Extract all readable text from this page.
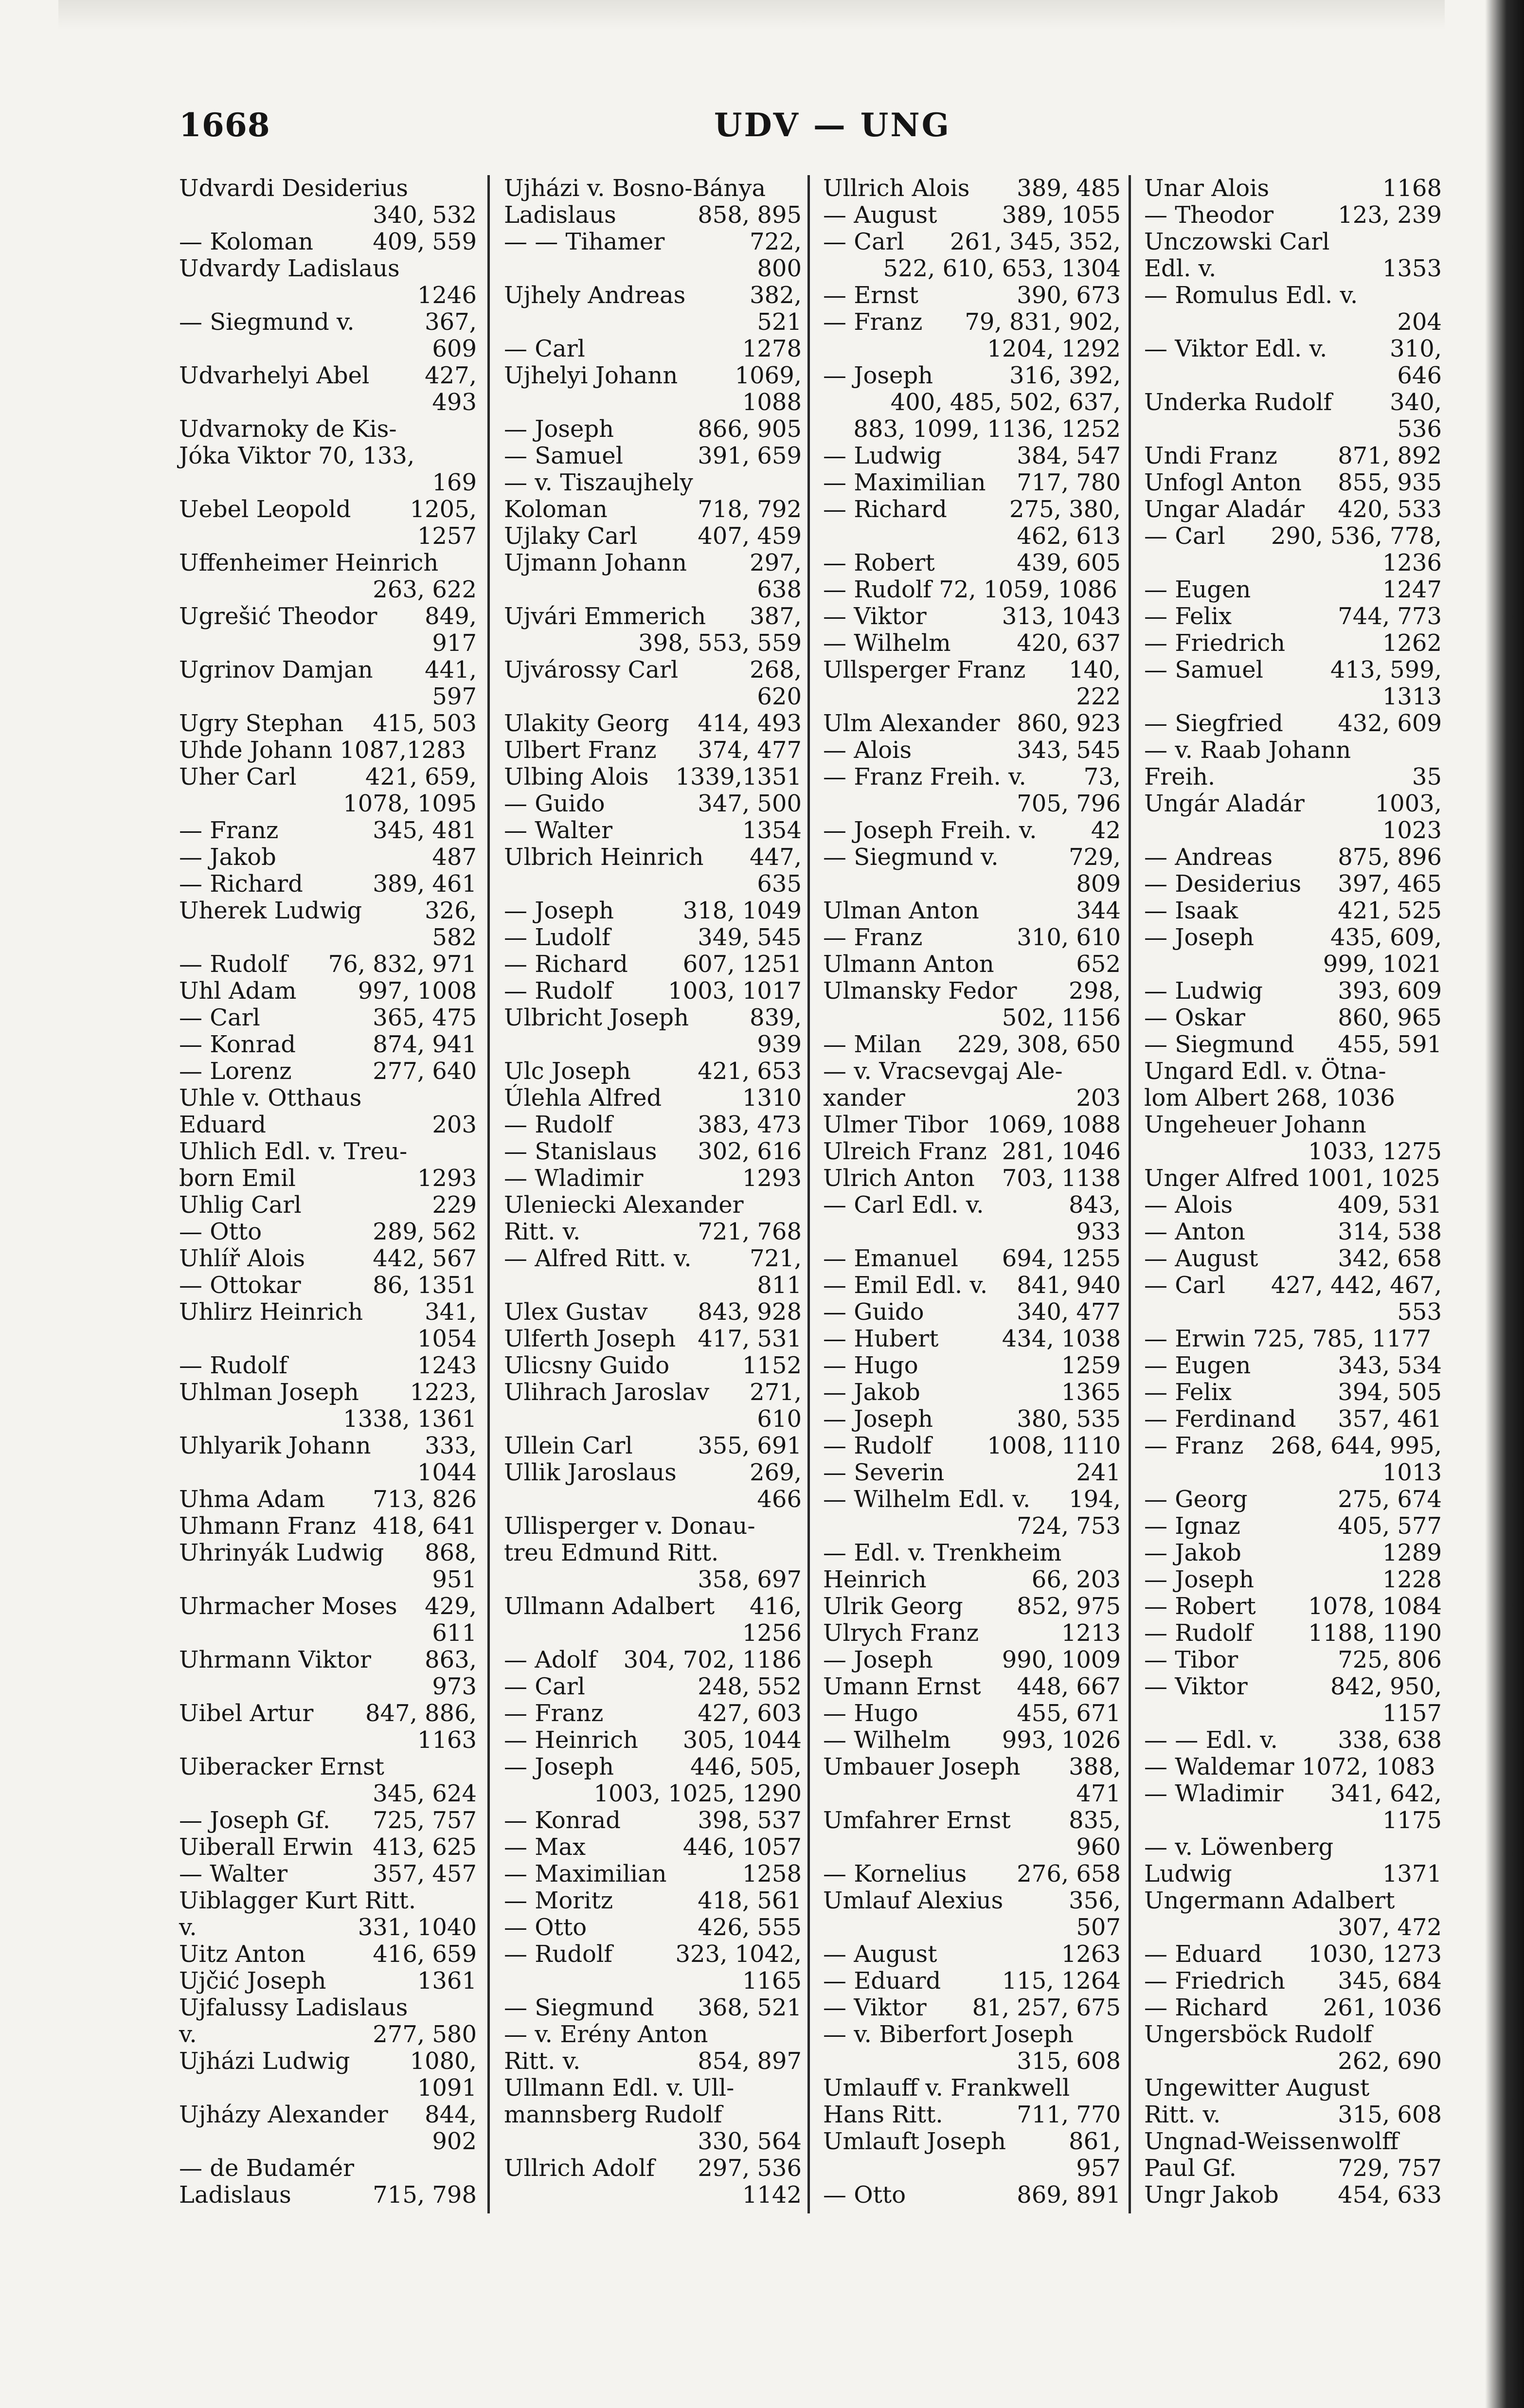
1668	UDV — UNG
Udvardi Desiderius
340, 532
— Koloman	409, 559
Udvardy Ladislaus
1246
— Siegmund v.	367,
609
Udvarhelyi Abel 427,
493
Udvarnoky de Kis-
Jóka Viktor 70, 133,
169
Uebel Leopold	1205,
1257
Uffenheimer Heinrich
263, 622
Ugrešić Theodor 849,
917
Ugrinov Damjan 441,
597
Ugry Stephan 415, 503
Uhde Johann 1087,1283
Uher Carl	421, 659,
1078, 1095
— Franz	345, 481
— Jakob	487
— Richard	389, 461
Uherek Ludwig	326,
582
— Rudolf 76, 832, 971
Uhl Adam	997, 1008
— Carl	365, 475
— Konrad	874, 941
— Lorenz	277, 640
Uhle v. Otthaus
Eduard	203
Uhlich Edl. v. Treu-
born Emil	1293
Uhlig Carl	229
— Otto	289, 562
Uhlíř Alois	442, 567
— Ottokar	86, 1351
Uhlirz Heinrich	341,
1054
— Rudolf	1243
Uhlman Joseph 1223,
1338, 1361
Uhlyarik Johann 333,
1044
Uhma Adam 713, 826
Uhmann Franz 418, 641
Uhrinyák Ludwig 868,
951
Uhrmacher Moses 429,
611
Uhrmann Viktor 863,
973
Uibel Artur 847, 886,
1163
Uiberacker Ernst
345, 624
— Joseph Gf. 725, 757
Uiberall Erwin 413, 625
— Walter	357, 457
Uiblagger Kurt Ritt.
v.	331, 1040
Uitz Anton	416, 659
Ujčić Joseph	1361
Ujfalussy Ladislaus
v.	277, 580
Ujházi Ludwig	1080,
1091
Ujházy Alexander 844,
902
— de Budamér
Ladislaus	715, 798
Ujházi v. Bosno-Bánya
Ladislaus	858, 895
— — Tihamer	722,
800
Ujhely Andreas	382,
521
— Carl	1278
Ujhelyi Johann 1069,
1088
— Joseph	866, 905
— Samuel	391, 659
— v. Tiszaujhely
Koloman	718, 792
Ujlaky Carl	407, 459
Ujmann Johann	297,
638
Ujvári Emmerich 387,
398, 553, 559
Ujvárossy Carl	268,
620
Ulakity Georg 414, 493
Ulbert Franz 374, 477
Ulbing Alois 1339,1351
— Guido	347, 500
— Walter	1354
Ulbrich Heinrich 447,
635
— Joseph	318, 1049
— Ludolf	349, 545
— Richard 607, 1251
— Rudolf 1003, 1017
Ulbricht Joseph	839,
939
Ulc Joseph	421, 653
Úlehla Alfred	1310
— Rudolf	383, 473
— Stanislaus 302, 616
— Wladimir	1293
Ulenіecki Alexander
Ritt. v.	721, 768
— Alfred Ritt. v. 721,
811
Ulex Gustav 843, 928
Ulferth Joseph 417, 531
Ulicsny Guido	1152
Ulihrach Jaroslav 271,
610
Ullein Carl	355, 691
Ullik Jaroslaus	269,
466
Ullisperger v. Donau-
treu Edmund Ritt.
358, 697
Ullmann Adalbert 416,
1256
— Adolf 304, 702, 1186
— Carl	248, 552
— Franz	427, 603
— Heinrich 305, 1044
— Joseph	446, 505,
1003, 1025, 1290
— Konrad	398, 537
— Max	446, 1057
— Maximilian	1258
— Moritz	418, 561
— Otto	426, 555
— Rudolf	323, 1042,
1165
— Siegmund 368, 521
— v. Erény Anton
Ritt. v.	854, 897
Ullmann Edl. v. Ull-
mannsberg Rudolf
330, 564
Ullrich Adolf 297, 536
1142
Ullrich Alois 389, 485
— August	389, 1055
— Carl 261, 345, 352,
522, 610, 653, 1304
— Ernst	390, 673
— Franz 79, 831, 902,
1204, 1292
— Joseph	316, 392,
400, 485, 502, 637,
883, 1099, 1136, 1252
— Ludwig	384, 547
— Maximilian 717, 780
— Richard	275, 380,
462, 613
— Robert	439, 605
— Rudolf 72, 1059, 1086
— Viktor	313, 1043
— Wilhelm	420, 637
Ullsperger Franz 140,
222
Ulm Alexander 860, 923
— Alois	343, 545
— Franz Freih. v. 73,
705, 796
— Joseph Freih. v. 42
— Siegmund v.	729,
809
Ulman Anton	344
— Franz	310, 610
Ulmann Anton	652
Ulmansky Fedor 298,
502, 1156
— Milan 229, 308, 650
— v. Vracsevgaj Ale-
xander	203
Ulmer Tibor 1069, 1088
Ulreich Franz 281, 1046
Ulrich Anton 703, 1138
— Carl Edl. v.	843,
933
— Emanuel 694, 1255
— Emil Edl. v. 841, 940
— Guido	340, 477
— Hubert	434, 1038
— Hugo	1259
— Jakob	1365
— Joseph	380, 535
— Rudolf 1008, 1110
— Severin	241
— Wilhelm Edl. v. 194,
724, 753
— Edl. v. Trenkheim
Heinrich	66, 203
Ulrik Georg 852, 975
Ulrych Franz	1213
— Joseph	990, 1009
Umann Ernst 448, 667
— Hugo	455, 671
— Wilhelm 993, 1026
Umbauer Joseph 388,
471
Umfahrer Ernst 835,
960
— Kornelius 276, 658
Umlauf Alexius	356,
507
— August	1263
— Eduard	115, 1264
— Viktor 81, 257, 675
— v. Biberfort Joseph
315, 608
Umlauff v. Frankwell
Hans Ritt.	711, 770
Umlauft Joseph	861,
957
— Otto	869, 891
Unar Alois	1168
— Theodor	123, 239
Unczowski Carl
Edl. v.	1353
— Romulus Edl. v.
204
— Viktor Edl. v.	310,
646
Underka Rudolf 340,
536
Undi Franz	871, 892
Unfogl Anton 855, 935
Ungar Aladár 420, 533
— Carl 290, 536, 778,
1236
— Eugen	1247
— Felix	744, 773
— Friedrich	1262
— Samuel	413, 599,
1313
— Siegfried 432, 609
— v. Raab Johann
Freih.	35
Ungár Aladár	1003,
1023
— Andreas	875, 896
— Desiderius 397, 465
— Isaak	421, 525
— Joseph	435, 609,
999, 1021
— Ludwig	393, 609
— Oskar	860, 965
— Siegmund 455, 591
Ungard Edl. v. Ötna-
lom Albert 268, 1036
Ungeheuer Johann
1033, 1275
Unger Alfred 1001, 1025
— Alois	409, 531
— Anton	314, 538
— August	342, 658
— Carl 427, 442, 467,
553
— Erwin 725, 785, 1177
— Eugen	343, 534
— Felix	394, 505
— Ferdinand 357, 461
— Franz 268, 644, 995,
1013
— Georg	275, 674
— Ignaz	405, 577
— Jakob	1289
— Joseph	1228
— Robert 1078, 1084
— Rudolf 1188, 1190
— Tibor	725, 806
— Viktor	842, 950,
1157
— — Edl. v.	338, 638
— Waldemar 1072, 1083
— Wladimir 341, 642,
1175
— v. Löwenberg
Ludwig	1371
Ungermann Adalbert
307, 472
— Eduard 1030, 1273
— Friedrich 345, 684
— Richard 261, 1036
Ungersböck Rudolf
262, 690
Ungewitter August
Ritt. v.	315, 608
Ungnad-Weissenwolff
Paul Gf.	729, 757
Ungr Jakob	454, 633
